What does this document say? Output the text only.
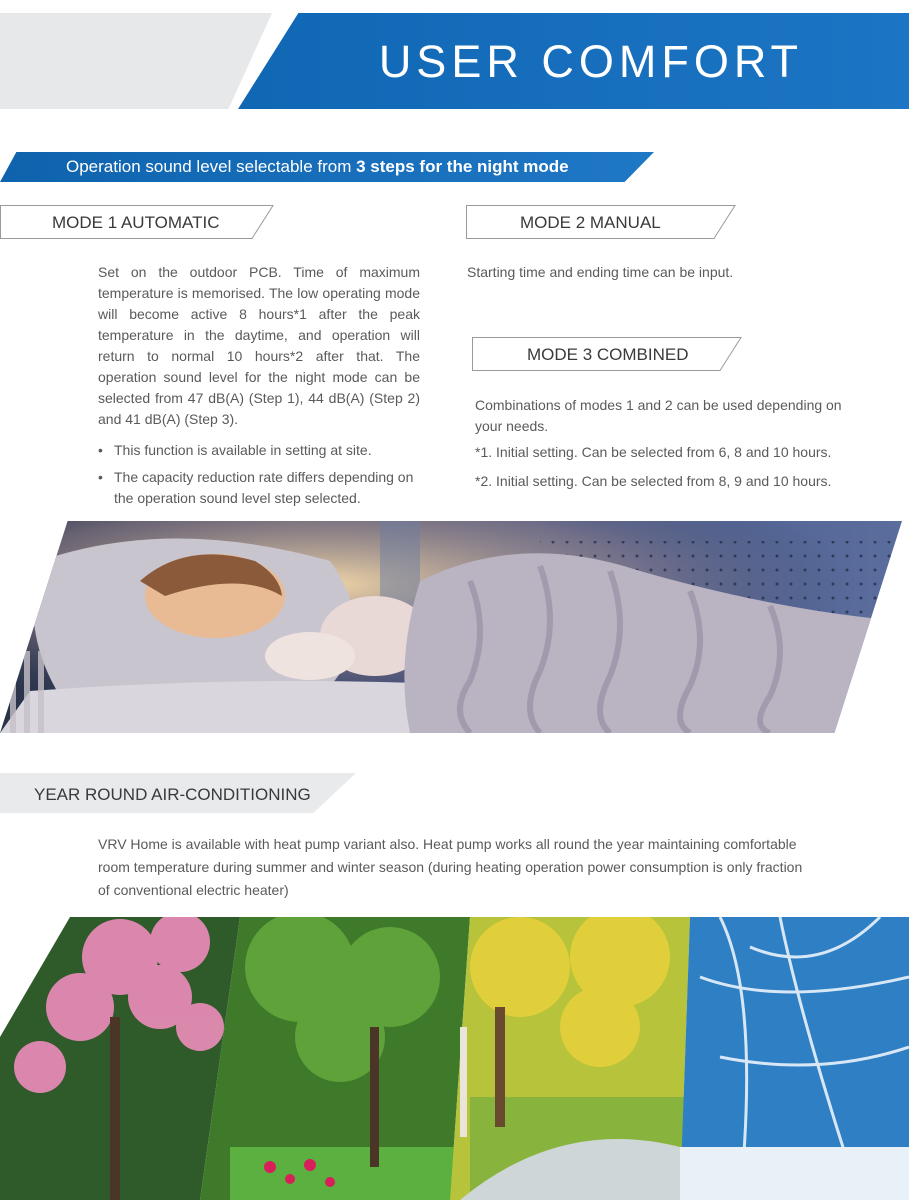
USER COMFORT
Operation sound level selectable from 3 steps for the night mode
MODE 1 AUTOMATIC	MODE 2 MANUAL
MODE 3 COMBINED
Set on the outdoor PCB. Time of maximum temperature is memorised. The low operating mode will become active 8 hours*1 after the peak temperature in the daytime, and operation will return to normal 10 hours*2 after that. The operation sound level for the night mode can be selected from 47 dB(A) (Step 1), 44 dB(A) (Step 2) and 41 dB(A) (Step 3).
• This function is available in setting at site.
• The capacity reduction rate differs depending on the operation sound level step selected.
Starting time and ending time can be input.
Combinations of modes 1 and 2 can be used depending on your needs.
*1. Initial setting. Can be selected from 6, 8 and 10 hours.
*2. Initial setting. Can be selected from 8, 9 and 10 hours.
YEAR ROUND AIR-CONDITIONING
VRV Home is available with heat pump variant also. Heat pump works all round the year maintaining comfortable room temperature during summer and winter season (during heating operation power consumption is only fraction of conventional electric heater)
